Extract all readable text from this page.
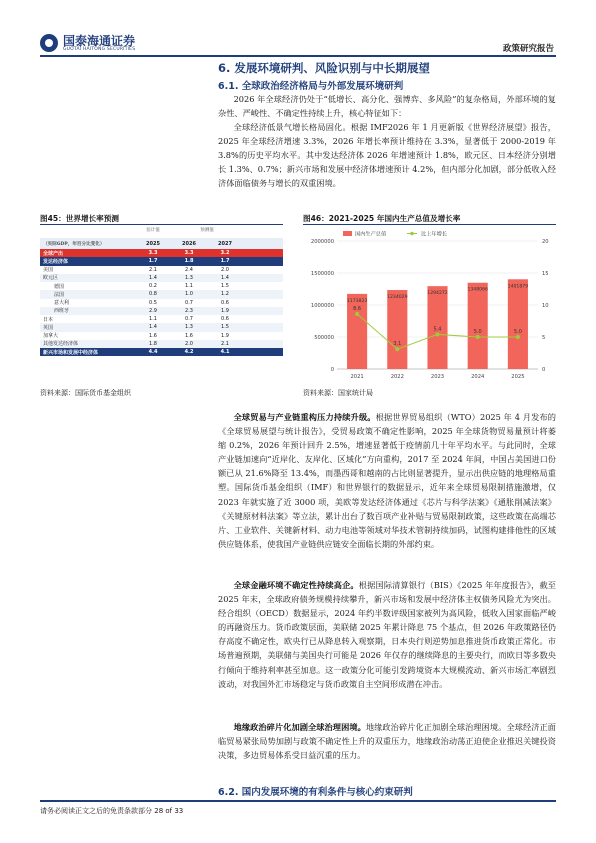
国泰海通证券
GUOTAI HAITONG SECURITIES	政策研究报告
6. 发展环境研判、风险识别与中长期展望
6.1. 全球政治经济格局与外部发展环境研判

2026 年全球经济仍处于“低增长、高分化、强博弈、多风险”的复杂格局，外部环境的复杂性、严峻性、不确定性持续上升，核心特征如下：

全球经济低景气增长格局固化。根据 IMF2026 年 1 月更新版《世界经济展望》报告，2025 年全球经济增速 3.3%，2026 年增长率预计维持在 3.3%，显著低于 2000-2019 年 3.8%的历史平均水平。其中发达经济体 2026 年增速预计 1.8%，欧元区、日本经济分别增长 1.3%、0.7%；新兴市场和发展中经济体增速预计 4.2%，但内部分化加剧，部分低收入经济体面临债务与增长的双重困境。

图45：世界增长率预测
估计值	预测值
（实际GDP，年百分比变化）	2025	2026	2027
全球产出	3.3	3.3	3.2
发达经济体	1.7	1.8	1.7
美国	2.1	2.4	2.0
欧元区	1.4	1.3	1.4
德国	0.2	1.1	1.5
法国	0.8	1.0	1.2
意大利	0.5	0.7	0.6
西班牙	2.9	2.3	1.9
日本	1.1	0.7	0.6
英国	1.4	1.3	1.5
加拿大	1.6	1.6	1.9
其他发达经济体	1.8	2.0	2.1
新兴市场和发展中经济体	4.4	4.2	4.1
资料来源：国际货币基金组织
图46：2021-2025 年国内生产总值及增长率
0
500000
1000000
1500000
2000000
0
5
10
15
20
1173823
2021
1234029
2022
1294272
2023
1348066
2024
1401879
2025
8.6
3.1
5.4	5.0	5.0
国内生产总值	比上年增长
资料来源：国家统计局

全球贸易与产业链重构压力持续升级。根据世界贸易组织（WTO）2025 年 4 月发布的《全球贸易展望与统计报告》，受贸易政策不确定性影响，2025 年全球货物贸易量预计将萎缩 0.2%，2026 年预计回升 2.5%，增速显著低于疫情前几十年平均水平。与此同时，全球产业链加速向“近岸化、友岸化、区域化”方向重构，2017 至 2024 年间，中国占美国进口份额已从 21.6%降至 13.4%，而墨西哥和越南的占比则显著提升，显示出供应链的地理格局重塑。国际货币基金组织（IMF）和世界银行的数据显示，近年来全球贸易限制措施激增，仅 2023 年就实施了近 3000 项，美欧等发达经济体通过《芯片与科学法案》《通胀削减法案》《关键原材料法案》等立法，累计出台了数百项产业补贴与贸易限制政策，这些政策在高端芯片、工业软件、关键新材料、动力电池等领域对华技术管制持续加码，试图构建排他性的区域供应链体系，使我国产业链供应链安全面临长期的外部约束。

全球金融环境不确定性持续高企。根据国际清算银行（BIS）《2025 年年度报告》，截至 2025 年末，全球政府债务规模持续攀升，新兴市场和发展中经济体主权债务风险尤为突出。经合组织（OECD）数据显示，2024 年约半数评级国家被列为高风险，低收入国家面临严峻的再融资压力。货币政策层面，美联储 2025 年累计降息 75 个基点，但 2026 年政策路径仍存高度不确定性，欧央行已从降息转入观察期，日本央行则逆势加息推进货币政策正常化。市场普遍预期，美联储与美国央行可能是 2026 年仅存的继续降息的主要央行，而欧日等多数央行倾向于维持利率甚至加息。这一政策分化可能引发跨境资本大规模流动、新兴市场汇率剧烈波动，对我国外汇市场稳定与货币政策自主空间形成潜在冲击。

地缘政治碎片化加剧全球治理困境。地缘政治碎片化正加剧全球治理困境。全球经济正面临贸易紧张局势加剧与政策不确定性上升的双重压力，地缘政治动荡正迫使企业推迟关键投资决策，多边贸易体系受日益沉重的压力。

6.2. 国内发展环境的有利条件与核心约束研判
请务必阅读正文之后的免责条款部分 28 of 33
